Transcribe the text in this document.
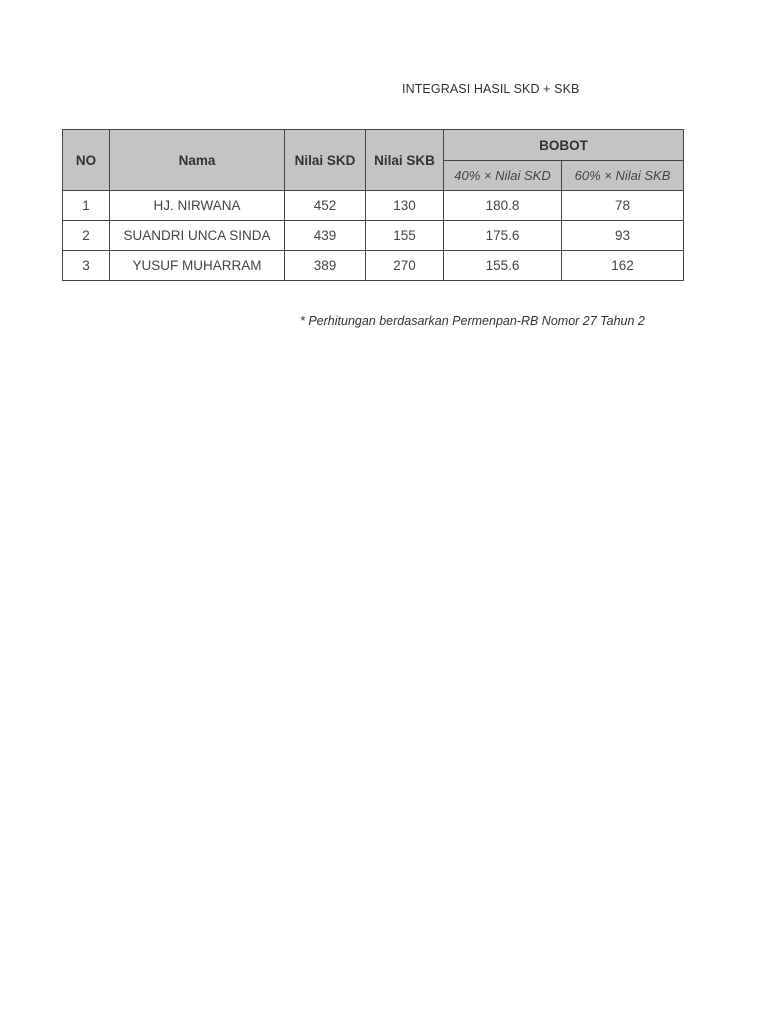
INTEGRASI HASIL SKD + SKB
NO	Nama	Nilai SKD	Nilai SKB	BOBOT	
				40% × Nilai SKD	60% × Nilai SKB
1	HJ. NIRWANA	452	130	180.8	78
2	SUANDRI UNCA SINDA	439	155	175.6	93
3	YUSUF MUHARRAM	389	270	155.6	162
* Perhitungan berdasarkan Permenpan-RB Nomor 27 Tahun 2
